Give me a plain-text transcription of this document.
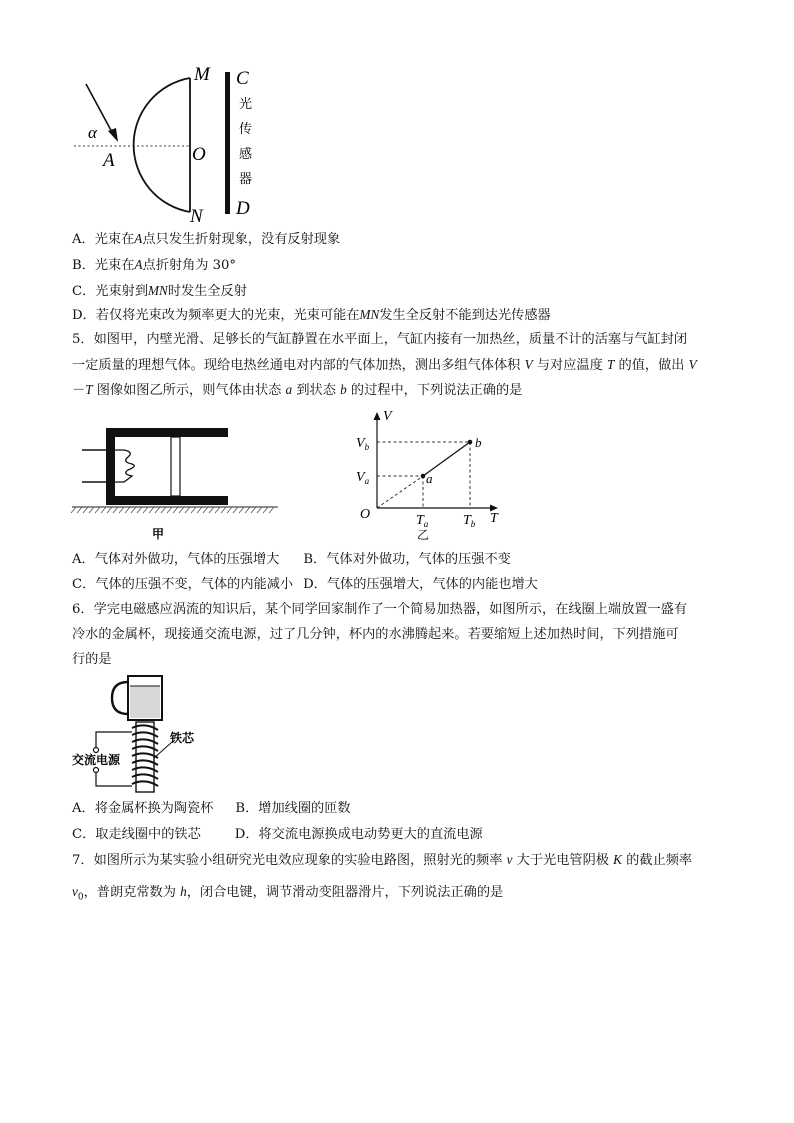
M C
α
A	O
N D
光
传
感
器
A．光束在A点只发生折射现象，没有反射现象
B．光束在A点折射角为 30°
C．光束射到MN时发生全反射
D．若仅将光束改为频率更大的光束，光束可能在MN发生全反射不能到达光传感器
5．如图甲，内壁光滑、足够长的气缸静置在水平面上，气缸内接有一加热丝，质量不计的活塞与气缸封闭
一定质量的理想气体。现给电热丝通电对内部的气体加热，测出多组气体体积 V 与对应温度 T 的值，做出 V
－T 图像如图乙所示，则气体由状态 a 到状态 b 的过程中，下列说法正确的是
甲
V
T
O
$V_b$
$V_a$
$T_a$ $T_b$
a
b
乙
A．气体对外做功，气体的压强增大 B．气体对外做功，气体的压强不变
C．气体的压强不变，气体的内能减小 D．气体的压强增大，气体的内能也增大
6．学完电磁感应涡流的知识后，某个同学回家制作了一个简易加热器，如图所示，在线圈上端放置一盛有
冷水的金属杯，现接通交流电源，过了几分钟，杯内的水沸腾起来。若要缩短上述加热时间，下列措施可
行的是
铁芯
交流电源
A．将金属杯换为陶瓷杯 B．增加线圈的匝数
C．取走线圈中的铁芯	D．将交流电源换成电动势更大的直流电源
7．如图所示为某实验小组研究光电效应现象的实验电路图，照射光的频率 ν 大于光电管阴极 K 的截止频率
$\nu_0$，普朗克常数为 h，闭合电键，调节滑动变阻器滑片，下列说法正确的是
